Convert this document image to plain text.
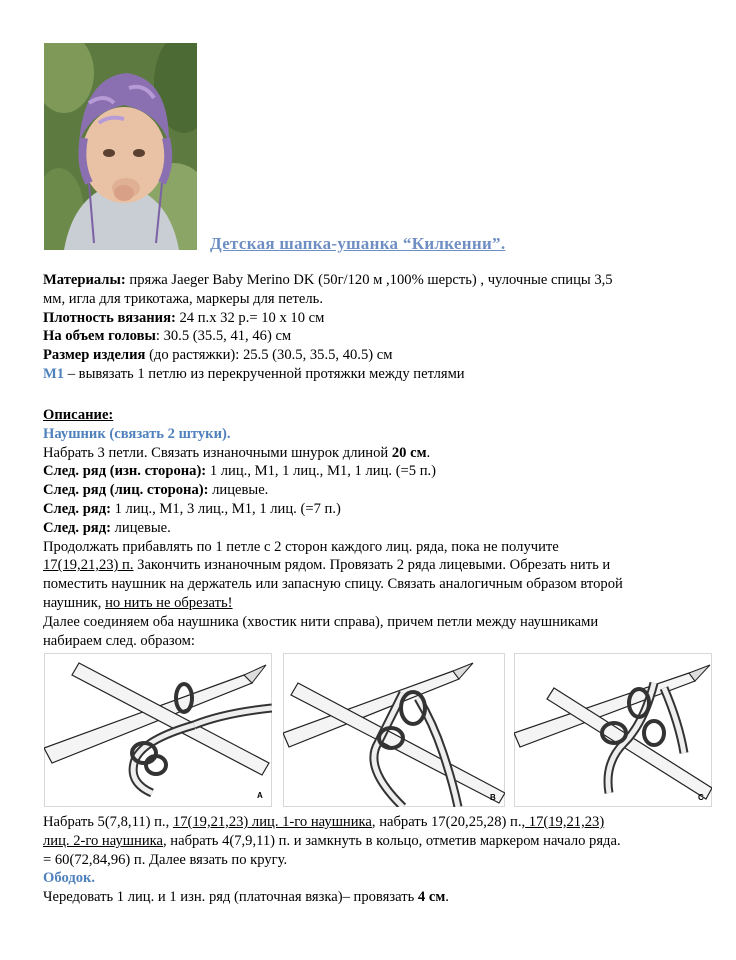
Детская шапка-ушанка “Килкенни”.
Материалы: пряжа Jaeger Baby Merino DK (50г/120 м ,100% шерсть) , чулочные спицы 3,5
мм, игла для трикотажа, маркеры для петель.
Плотность вязания: 24 п.х 32 р.= 10 х 10 см
На объем головы: 30.5 (35.5, 41, 46) см
Размер изделия (до растяжки): 25.5 (30.5, 35.5, 40.5) см
М1 – вывязать 1 петлю из перекрученной протяжки между петлями
Описание:
Наушник (связать 2 штуки).
Набрать 3 петли. Связать изнаночными шнурок длиной 20 см.
След. ряд (изн. сторона): 1 лиц., М1, 1 лиц., М1, 1 лиц. (=5 п.)
След. ряд (лиц. сторона): лицевые.
След. ряд: 1 лиц., М1, 3 лиц., М1, 1 лиц. (=7 п.)
След. ряд: лицевые.
Продолжать прибавлять по 1 петле с 2 сторон каждого лиц. ряда, пока не получите
17(19,21,23) п. Закончить изнаночным рядом. Провязать 2 ряда лицевыми. Обрезать нить и
поместить наушник на держатель или запасную спицу. Связать аналогичным образом второй
наушник, но нить не обрезать!
Далее соединяем оба наушника (хвостик нити справа), причем петли между наушниками
набираем след. образом:
A	B	C
Набрать 5(7,8,11) п., 17(19,21,23) лиц. 1-го наушника, набрать 17(20,25,28) п., 17(19,21,23)
лиц. 2-го наушника, набрать 4(7,9,11) п. и замкнуть в кольцо, отметив маркером начало ряда.
= 60(72,84,96) п. Далее вязать по кругу.
Ободок.
Чередовать 1 лиц. и 1 изн. ряд (платочная вязка)– провязать 4 см.
